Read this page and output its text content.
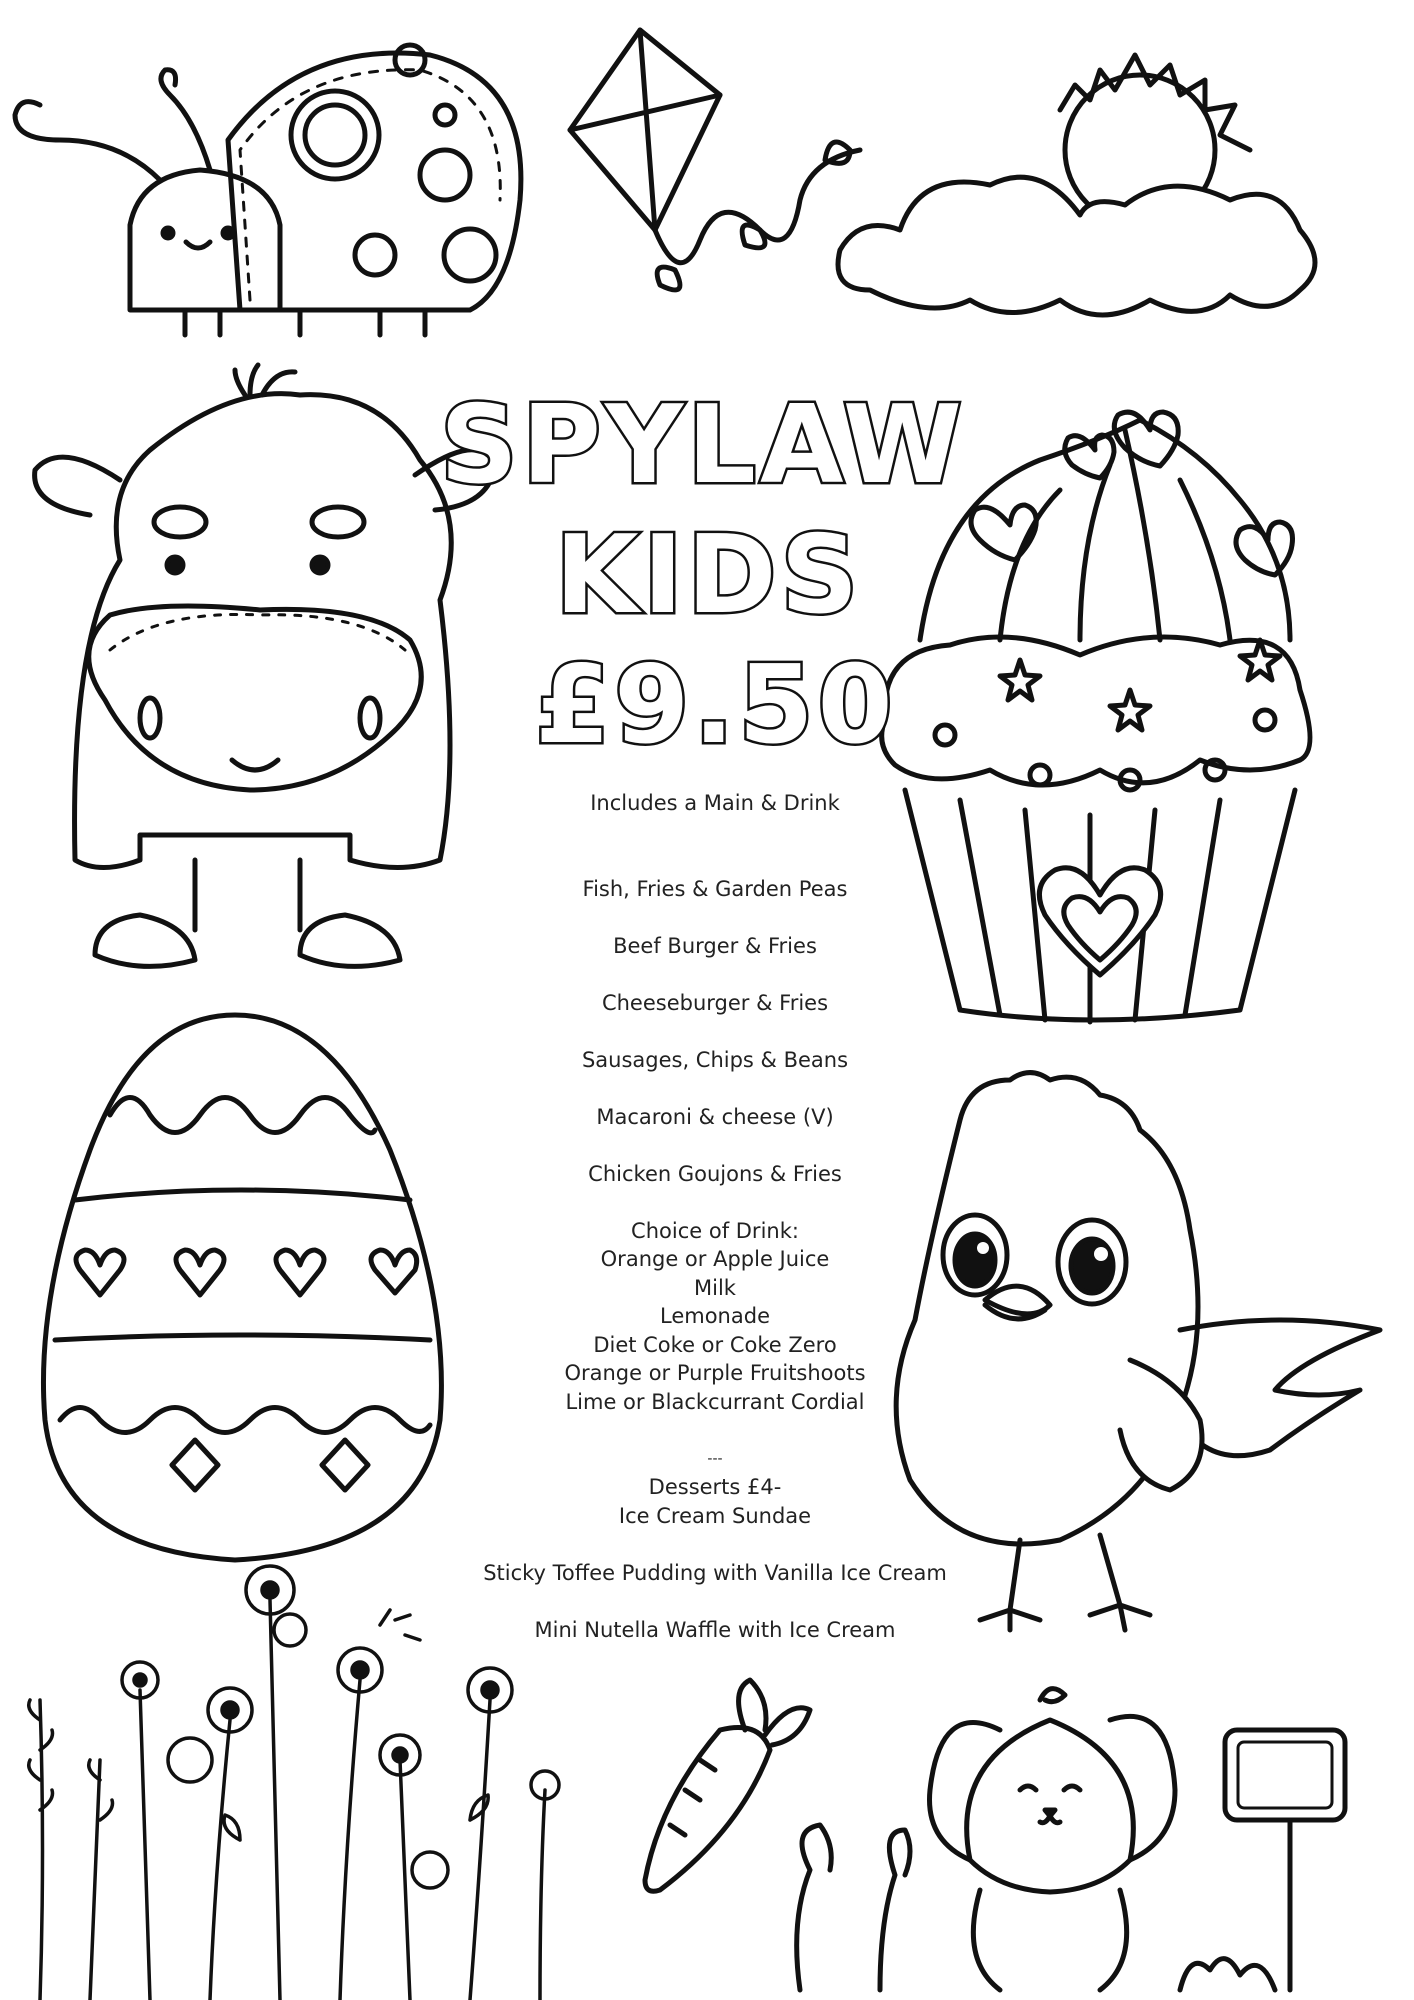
SPYLAW
KIDS
£9.50

Includes a Main & Drink

Fish, Fries & Garden Peas

Beef Burger & Fries

Cheeseburger & Fries

Sausages, Chips & Beans

Macaroni & cheese (V)

Chicken Goujons & Fries

Choice of Drink:

Orange or Apple Juice

Milk

Lemonade

Diet Coke or Coke Zero

Orange or Purple Fruitshoots

Lime or Blackcurrant Cordial

---

Desserts £4-

Ice Cream Sundae

Sticky Toffee Pudding with Vanilla Ice Cream

Mini Nutella Waffle with Ice Cream
